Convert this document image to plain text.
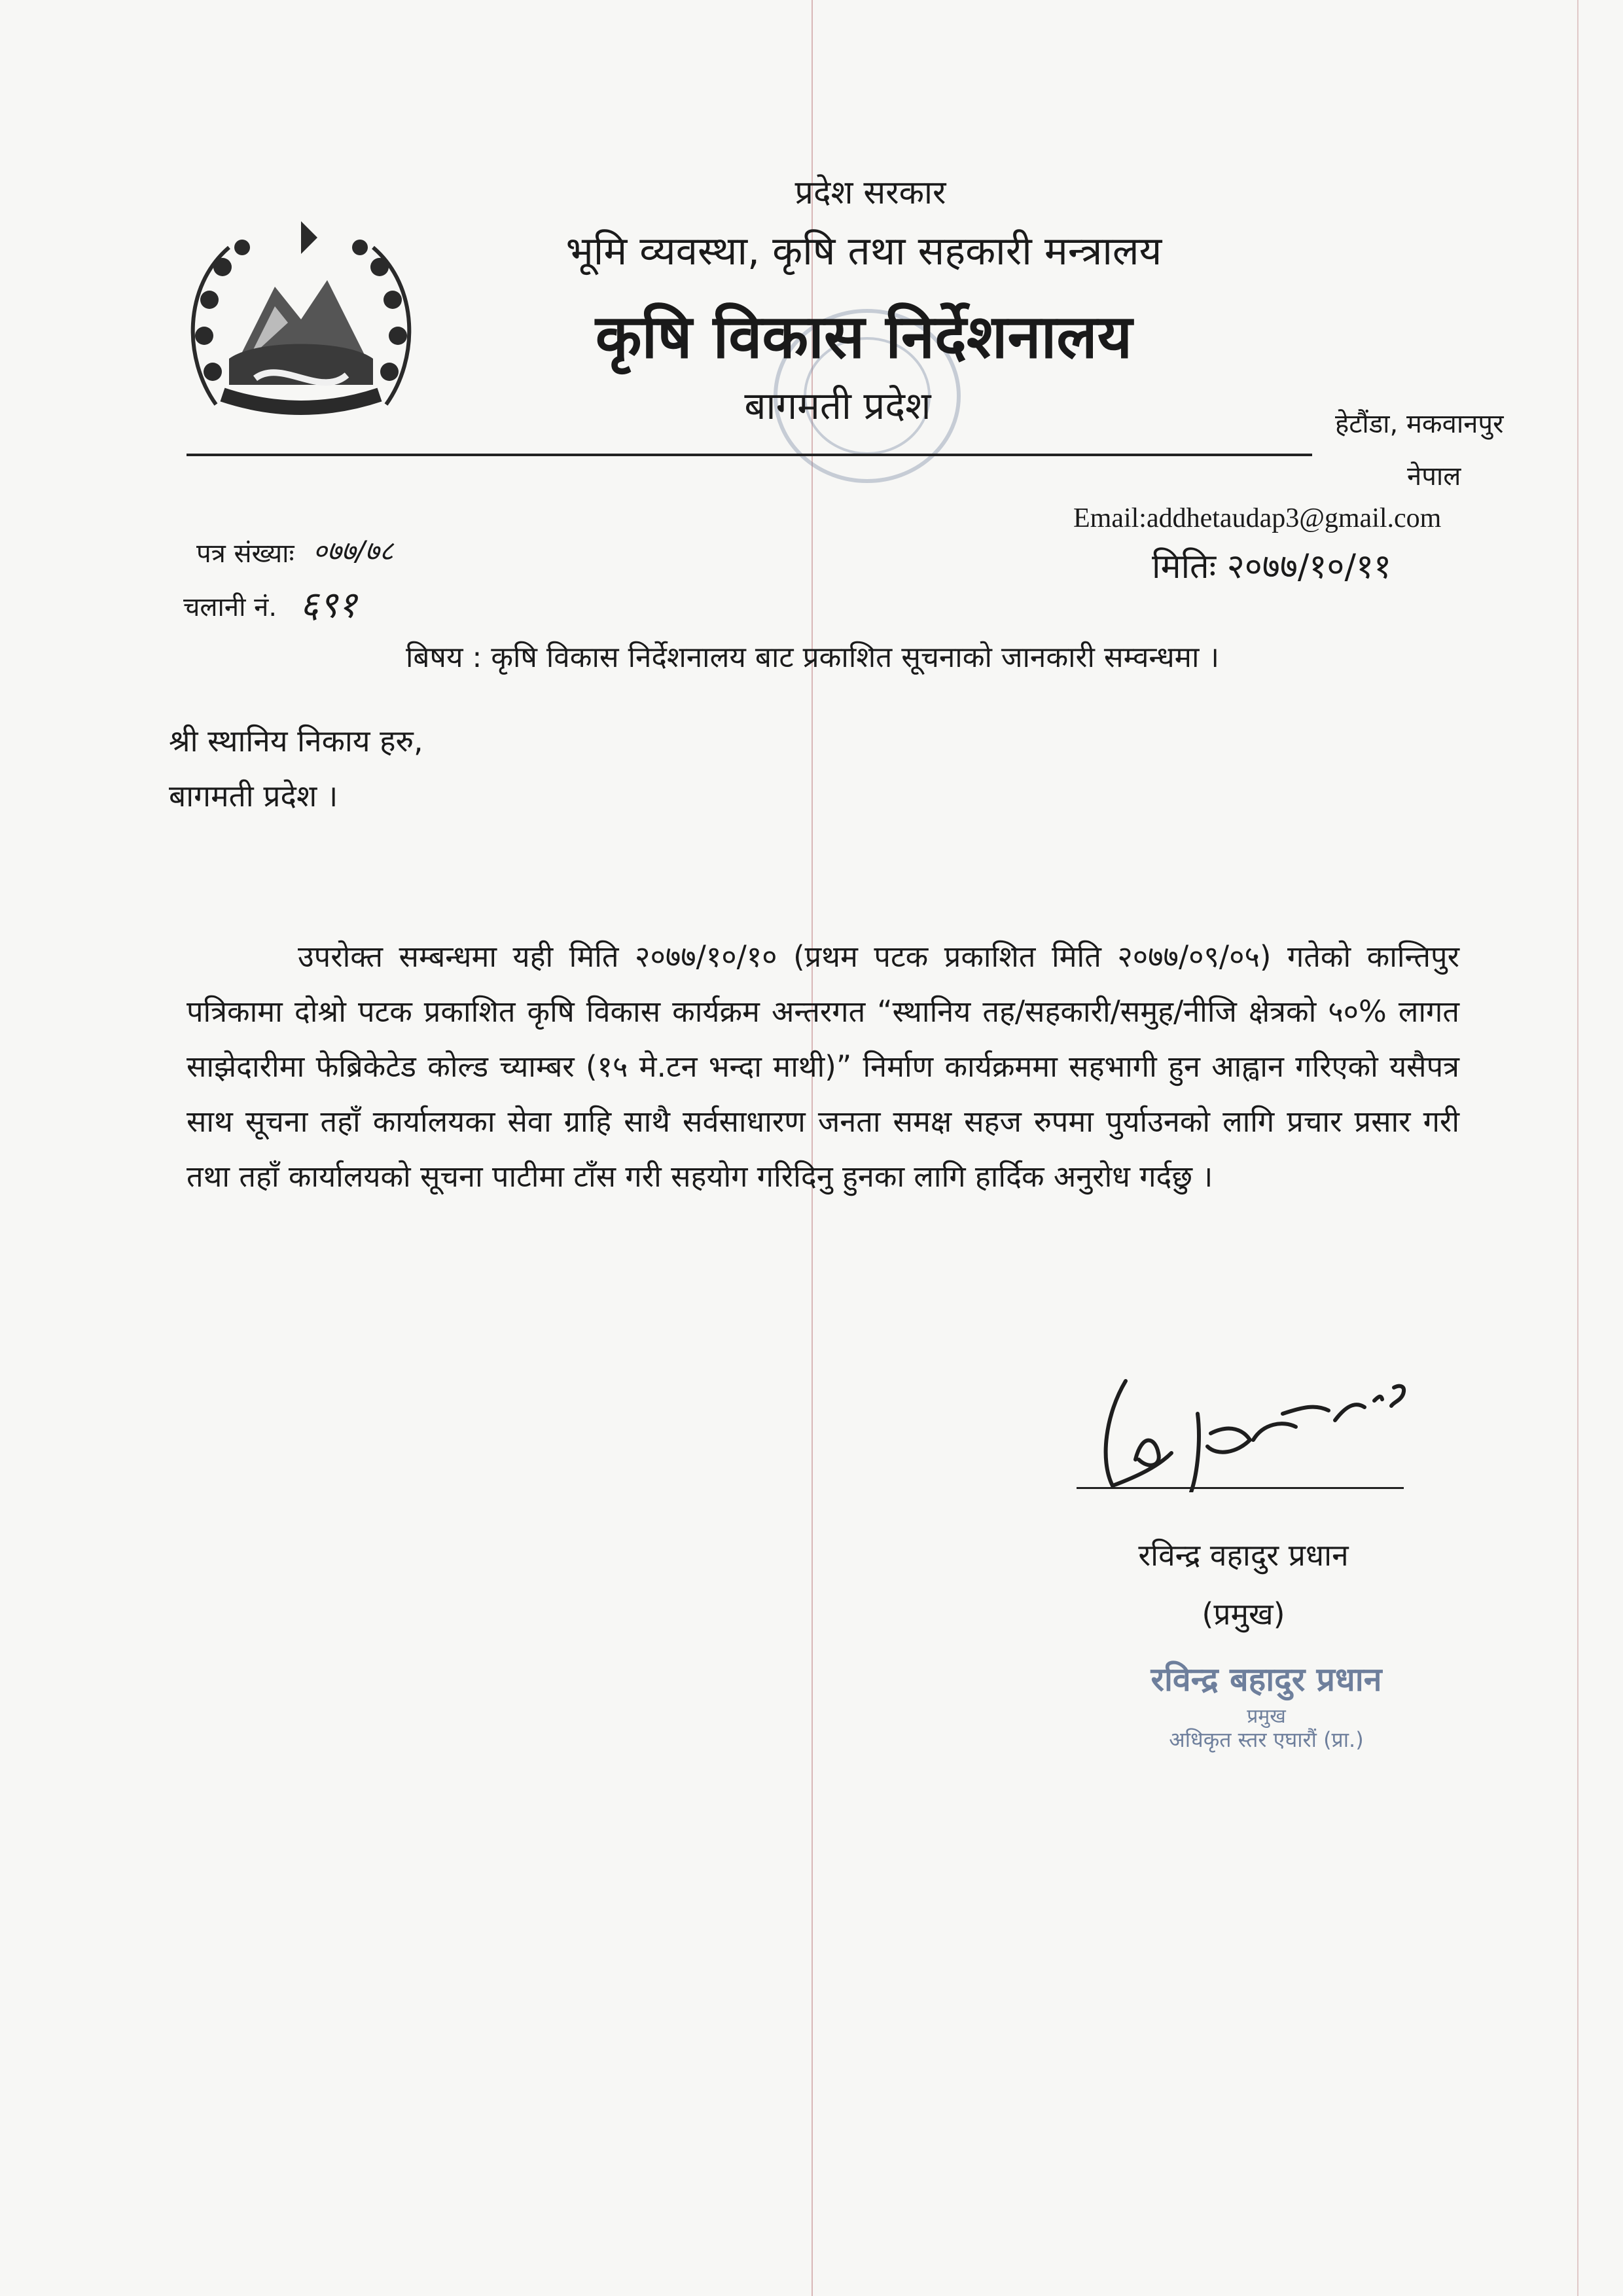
प्रदेश सरकार
भूमि व्यवस्था, कृषि तथा सहकारी मन्त्रालय
कृषि विकास निर्देशनालय
बागमती प्रदेश	हेटौंडा, मकवानपुर
नेपाल
Email:addhetaudap3@gmail.com
मितिः २०७७/१०/११
पत्र संख्याः ०७७/७८
चलानी नं. ६९१
बिषय : कृषि विकास निर्देशनालय बाट प्रकाशित सूचनाको जानकारी सम्वन्धमा ।
श्री स्थानिय निकाय हरु,
बागमती प्रदेश ।
उपरोक्त सम्बन्धमा यही मिति २०७७/१०/१० (प्रथम पटक प्रकाशित मिति २०७७/०९/०५) गतेको कान्तिपुर पत्रिकामा दोश्रो पटक प्रकाशित कृषि विकास कार्यक्रम अन्तरगत “स्थानिय तह/सहकारी/समुह/नीजि क्षेत्रको ५०% लागत साझेदारीमा फेब्रिकेटेड कोल्ड च्याम्बर (१५ मे.टन भन्दा माथी)” निर्माण कार्यक्रममा सहभागी हुन आह्वान गरिएको यसैपत्र साथ सूचना तहाँ कार्यालयका सेवा ग्राहि साथै सर्वसाधारण जनता समक्ष सहज रुपमा पुर्याउनको लागि प्रचार प्रसार गरी तथा तहाँ कार्यालयको सूचना पाटीमा टाँस गरी सहयोग गरिदिनु हुनका लागि हार्दिक अनुरोध गर्दछु ।
रविन्द्र वहादुर प्रधान
(प्रमुख)
रविन्द्र बहादुर प्रधान
प्रमुख
अधिकृत स्तर एघारौं (प्रा.)
